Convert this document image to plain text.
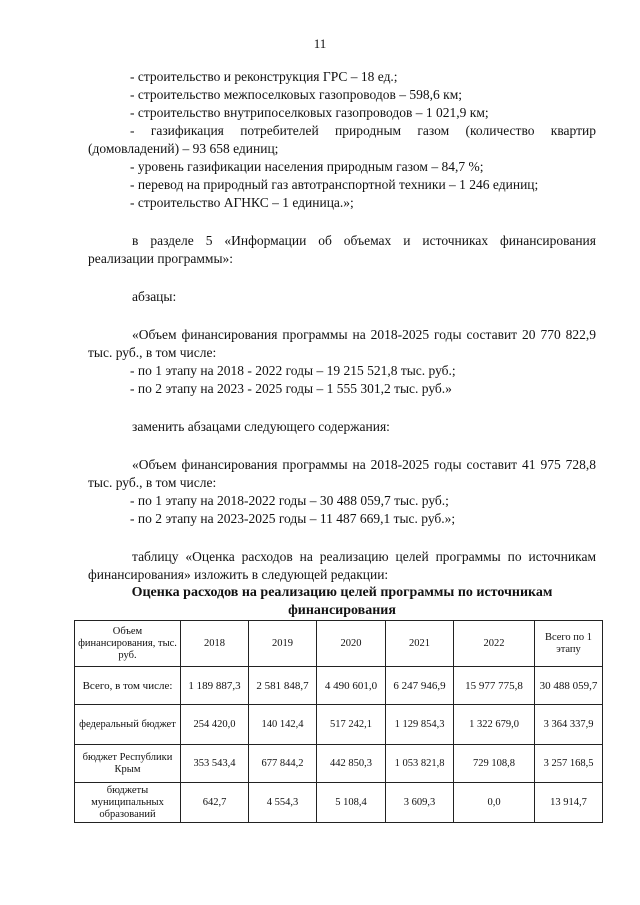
11

- строительство и реконструкция ГРС – 18 ед.;

- строительство межпоселковых газопроводов – 598,6 км;

- строительство внутрипоселковых газопроводов – 1 021,9 км;

- газификация потребителей природным газом (количество квартир (домовладений) – 93 658 единиц;

- уровень газификации населения природным газом – 84,7 %;

- перевод на природный газ автотранспортной техники – 1 246 единиц;

- строительство АГНКС – 1 единица.»;

в разделе 5 «Информации об объемах и источниках финансирования реализации программы»:

абзацы:

«Объем финансирования программы на 2018-2025 годы составит 20 770 822,9 тыс. руб., в том числе:

- по 1 этапу на 2018 - 2022 годы – 19 215 521,8 тыс. руб.;

- по 2 этапу на 2023 - 2025 годы – 1 555 301,2 тыс. руб.»

заменить абзацами следующего содержания:

«Объем финансирования программы на 2018-2025 годы составит 41 975 728,8 тыс. руб., в том числе:

- по 1 этапу на 2018-2022 годы – 30 488 059,7 тыс. руб.;

- по 2 этапу на 2023-2025 годы – 11 487 669,1 тыс. руб.»;

таблицу «Оценка расходов на реализацию целей программы по источникам финансирования» изложить в следующей редакции:

Оценка расходов на реализацию целей программы по источникам финансирования

Объем финансирования, тыс. руб.	2018	2019	2020	2021	2022	Всего по 1 этапу
Всего, в том числе:	1 189 887,3	2 581 848,7	4 490 601,0	6 247 946,9	15 977 775,8	30 488 059,7
федеральный бюджет	254 420,0	140 142,4	517 242,1	1 129 854,3	1 322 679,0	3 364 337,9
бюджет Республики Крым	353 543,4	677 844,2	442 850,3	1 053 821,8	729 108,8	3 257 168,5
бюджеты муниципальных образований	642,7	4 554,3	5 108,4	3 609,3	0,0	13 914,7
